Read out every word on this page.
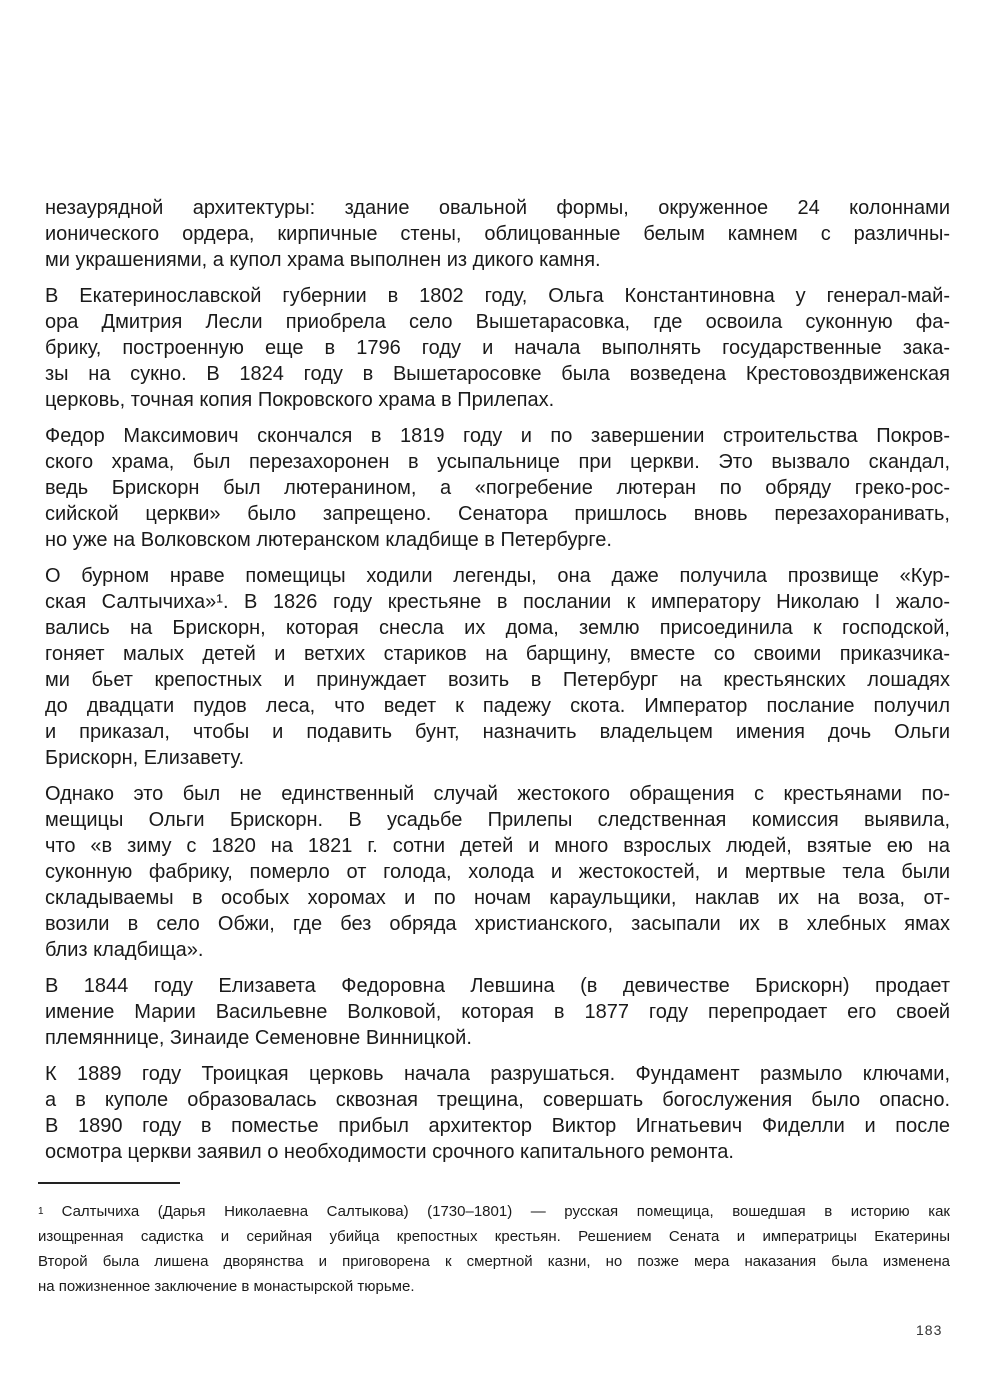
незаурядной архитектуры: здание овальной формы, окруженное 24 колоннами
ионического ордера, кирпичные стены, облицованные белым камнем с различны-
ми украшениями, а купол храма выполнен из дикого камня.
В Екатеринославской губернии в 1802 году, Ольга Константиновна у генерал-май-
ора Дмитрия Лесли приобрела село Вышетарасовка, где освоила суконную фа-
брику, построенную еще в 1796 году и начала выполнять государственные зака-
зы на сукно. В 1824 году в Вышетаросовке была возведена Крестовоздвиженская
церковь, точная копия Покровского храма в Прилепах.
Федор Максимович скончался в 1819 году и по завершении строительства Покров-
ского храма, был перезахоронен в усыпальнице при церкви. Это вызвало скандал,
ведь Брискорн был лютеранином, а «погребение лютеран по обряду греко-рос-
сийской церкви» было запрещено. Сенатора пришлось вновь перезахоранивать,
но уже на Волковском лютеранском кладбище в Петербурге.
О бурном нраве помещицы ходили легенды, она даже получила прозвище «Кур-
ская Салтычиха»¹. В 1826 году крестьяне в послании к императору Николаю I жало-
вались на Брискорн, которая снесла их дома, землю присоединила к господской,
гоняет малых детей и ветхих стариков на барщину, вместе со своими приказчика-
ми бьет крепостных и принуждает возить в Петербург на крестьянских лошадях
до двадцати пудов леса, что ведет к падежу скота. Император послание получил
и приказал, чтобы и подавить бунт, назначить владельцем имения дочь Ольги
Брискорн, Елизавету.
Однако это был не единственный случай жестокого обращения с крестьянами по-
мещицы Ольги Брискорн. В усадьбе Прилепы следственная комиссия выявила,
что «в зиму с 1820 на 1821 г. сотни детей и много взрослых людей, взятые ею на
суконную фабрику, померло от голода, холода и жестокостей, и мертвые тела были
складываемы в особых хоромах и по ночам караульщики, наклав их на воза, от-
возили в село Обжи, где без обряда христианского, засыпали их в хлебных ямах
близ кладбища».
В 1844 году Елизавета Федоровна Левшина (в девичестве Брискорн) продает
имение Марии Васильевне Волковой, которая в 1877 году перепродает его своей
племяннице, Зинаиде Семеновне Винницкой.
К 1889 году Троицкая церковь начала разрушаться. Фундамент размыло ключами,
а в куполе образовалась сквозная трещина, совершать богослужения было опасно.
В 1890 году в поместье прибыл архитектор Виктор Игнатьевич Фиделли и после
осмотра церкви заявил о необходимости срочного капитального ремонта.
$^1$ Салтычиха (Дарья Николаевна Салтыкова) (1730–1801) — русская помещица, вошедшая в историю как
изощренная садистка и серийная убийца крепостных крестьян. Решением Сената и императрицы Екатерины
Второй была лишена дворянства и приговорена к смертной казни, но позже мера наказания была изменена
на пожизненное заключение в монастырской тюрьме.
183
